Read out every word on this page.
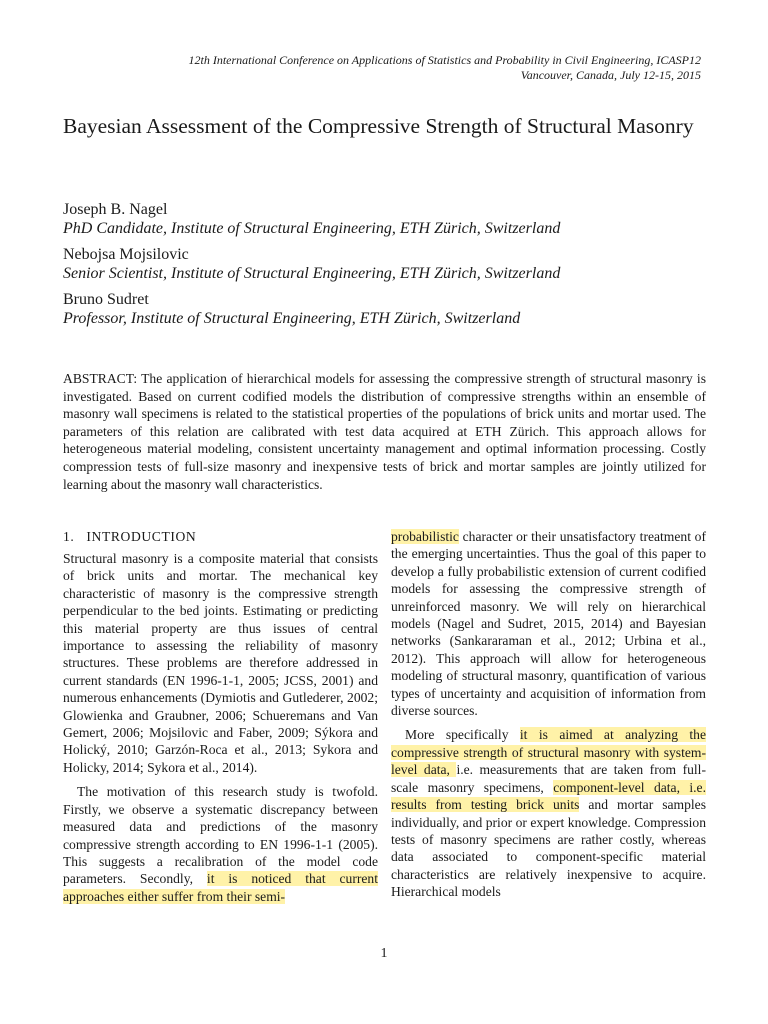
12th International Conference on Applications of Statistics and Probability in Civil Engineering, ICASP12
Vancouver, Canada, July 12-15, 2015
Bayesian Assessment of the Compressive Strength of Structural Masonry
Joseph B. Nagel
PhD Candidate, Institute of Structural Engineering, ETH Zürich, Switzerland
Nebojsa Mojsilovic
Senior Scientist, Institute of Structural Engineering, ETH Zürich, Switzerland
Bruno Sudret
Professor, Institute of Structural Engineering, ETH Zürich, Switzerland

ABSTRACT: The application of hierarchical models for assessing the compressive strength of structural masonry is investigated. Based on current codified models the distribution of compressive strengths within an ensemble of masonry wall specimens is related to the statistical properties of the populations of brick units and mortar used. The parameters of this relation are calibrated with test data acquired at ETH Zürich. This approach allows for heterogeneous material modeling, consistent uncertainty management and optimal information processing. Costly compression tests of full-size masonry and inexpensive tests of brick and mortar samples are jointly utilized for learning about the masonry wall characteristics.

1. INTRODUCTION

Structural masonry is a composite material that consists of brick units and mortar. The mechanical key characteristic of masonry is the compressive strength perpendicular to the bed joints. Estimating or predicting this material property are thus issues of central importance to assessing the reliability of masonry structures. These problems are therefore addressed in current standards (EN 1996-1-1, 2005; JCSS, 2001) and numerous enhancements (Dymiotis and Gutlederer, 2002; Glowienka and Graubner, 2006; Schueremans and Van Gemert, 2006; Mojsilovic and Faber, 2009; Sýkora and Holický, 2010; Garzón-Roca et al., 2013; Sykora and Holicky, 2014; Sykora et al., 2014).

The motivation of this research study is twofold. Firstly, we observe a systematic discrepancy between measured data and predictions of the masonry compressive strength according to EN 1996-1-1 (2005). This suggests a recalibration of the model code parameters. Secondly, it is noticed that current approaches either suffer from their semi-

probabilistic character or their unsatisfactory treatment of the emerging uncertainties. Thus the goal of this paper to develop a fully probabilistic extension of current codified models for assessing the compressive strength of unreinforced masonry. We will rely on hierarchical models (Nagel and Sudret, 2015, 2014) and Bayesian networks (Sankararaman et al., 2012; Urbina et al., 2012). This approach will allow for heterogeneous modeling of structural masonry, quantification of various types of uncertainty and acquisition of information from diverse sources.

More specifically it is aimed at analyzing the compressive strength of structural masonry with system-level data, i.e. measurements that are taken from full-scale masonry specimens, component-level data, i.e. results from testing brick units and mortar samples individually, and prior or expert knowledge. Compression tests of masonry specimens are rather costly, whereas data associated to component-specific material characteristics are relatively inexpensive to acquire. Hierarchical models

1
